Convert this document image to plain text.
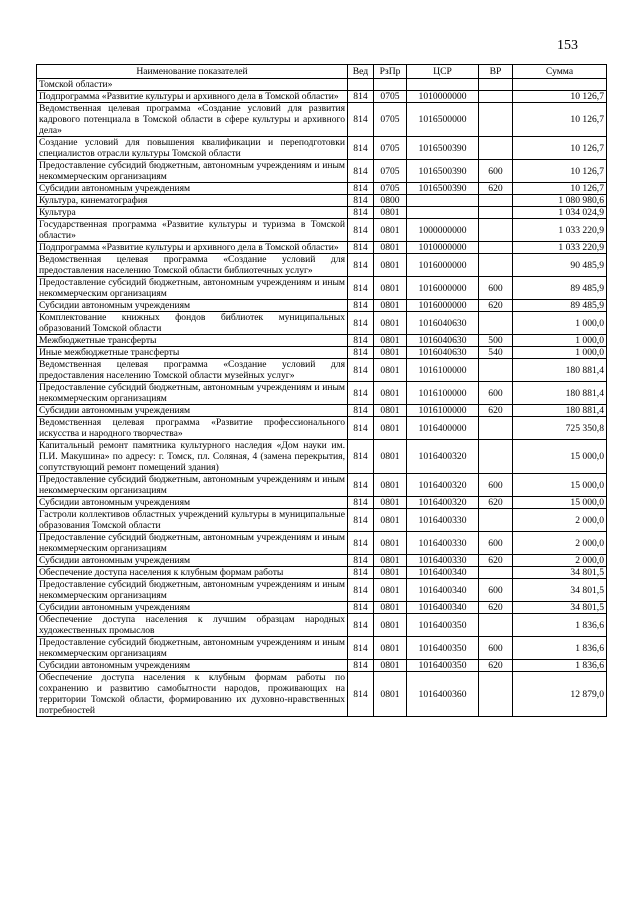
153
Наименование показателей	Вед	РзПр	ЦСР	ВР	Сумма
Томской области»					
Подпрограмма «Развитие культуры и архивного дела в Томской области»	814	0705	1010000000		10 126,7
Ведомственная целевая программа «Создание условий для развития кадрового потенциала в Томской области в сфере культуры и архивного дела»	814	0705	1016500000		10 126,7
Создание условий для повышения квалификации и переподготовки специалистов отрасли культуры Томской области	814	0705	1016500390		10 126,7
Предоставление субсидий бюджетным, автономным учреждениям и иным некоммерческим организациям	814	0705	1016500390	600	10 126,7
Субсидии автономным учреждениям	814	0705	1016500390	620	10 126,7
Культура, кинематография	814	0800			1 080 980,6
Культура	814	0801			1 034 024,9
Государственная программа «Развитие культуры и туризма в Томской области»	814	0801	1000000000		1 033 220,9
Подпрограмма «Развитие культуры и архивного дела в Томской области»	814	0801	1010000000		1 033 220,9
Ведомственная целевая программа «Создание условий для предоставления населению Томской области библиотечных услуг»	814	0801	1016000000		90 485,9
Предоставление субсидий бюджетным, автономным учреждениям и иным некоммерческим организациям	814	0801	1016000000	600	89 485,9
Субсидии автономным учреждениям	814	0801	1016000000	620	89 485,9
Комплектование книжных фондов библиотек муниципальных образований Томской области	814	0801	1016040630		1 000,0
Межбюджетные трансферты	814	0801	1016040630	500	1 000,0
Иные межбюджетные трансферты	814	0801	1016040630	540	1 000,0
Ведомственная целевая программа «Создание условий для предоставления населению Томской области музейных услуг»	814	0801	1016100000		180 881,4
Предоставление субсидий бюджетным, автономным учреждениям и иным некоммерческим организациям	814	0801	1016100000	600	180 881,4
Субсидии автономным учреждениям	814	0801	1016100000	620	180 881,4
Ведомственная целевая программа «Развитие профессионального искусства и народного творчества»	814	0801	1016400000		725 350,8
Капитальный ремонт памятника культурного наследия «Дом науки им. П.И. Макушина» по адресу: г. Томск, пл. Соляная, 4 (замена перекрытия, сопутствующий ремонт помещений здания)	814	0801	1016400320		15 000,0
Предоставление субсидий бюджетным, автономным учреждениям и иным некоммерческим организациям	814	0801	1016400320	600	15 000,0
Субсидии автономным учреждениям	814	0801	1016400320	620	15 000,0
Гастроли коллективов областных учреждений культуры в муниципальные образования Томской области	814	0801	1016400330		2 000,0
Предоставление субсидий бюджетным, автономным учреждениям и иным некоммерческим организациям	814	0801	1016400330	600	2 000,0
Субсидии автономным учреждениям	814	0801	1016400330	620	2 000,0
Обеспечение доступа населения к клубным формам работы	814	0801	1016400340		34 801,5
Предоставление субсидий бюджетным, автономным учреждениям и иным некоммерческим организациям	814	0801	1016400340	600	34 801,5
Субсидии автономным учреждениям	814	0801	1016400340	620	34 801,5
Обеспечение доступа населения к лучшим образцам народных художественных промыслов	814	0801	1016400350		1 836,6
Предоставление субсидий бюджетным, автономным учреждениям и иным некоммерческим организациям	814	0801	1016400350	600	1 836,6
Субсидии автономным учреждениям	814	0801	1016400350	620	1 836,6
Обеспечение доступа населения к клубным формам работы по сохранению и развитию самобытности народов, проживающих на территории Томской области, формированию их духовно-нравственных потребностей	814	0801	1016400360		12 879,0
